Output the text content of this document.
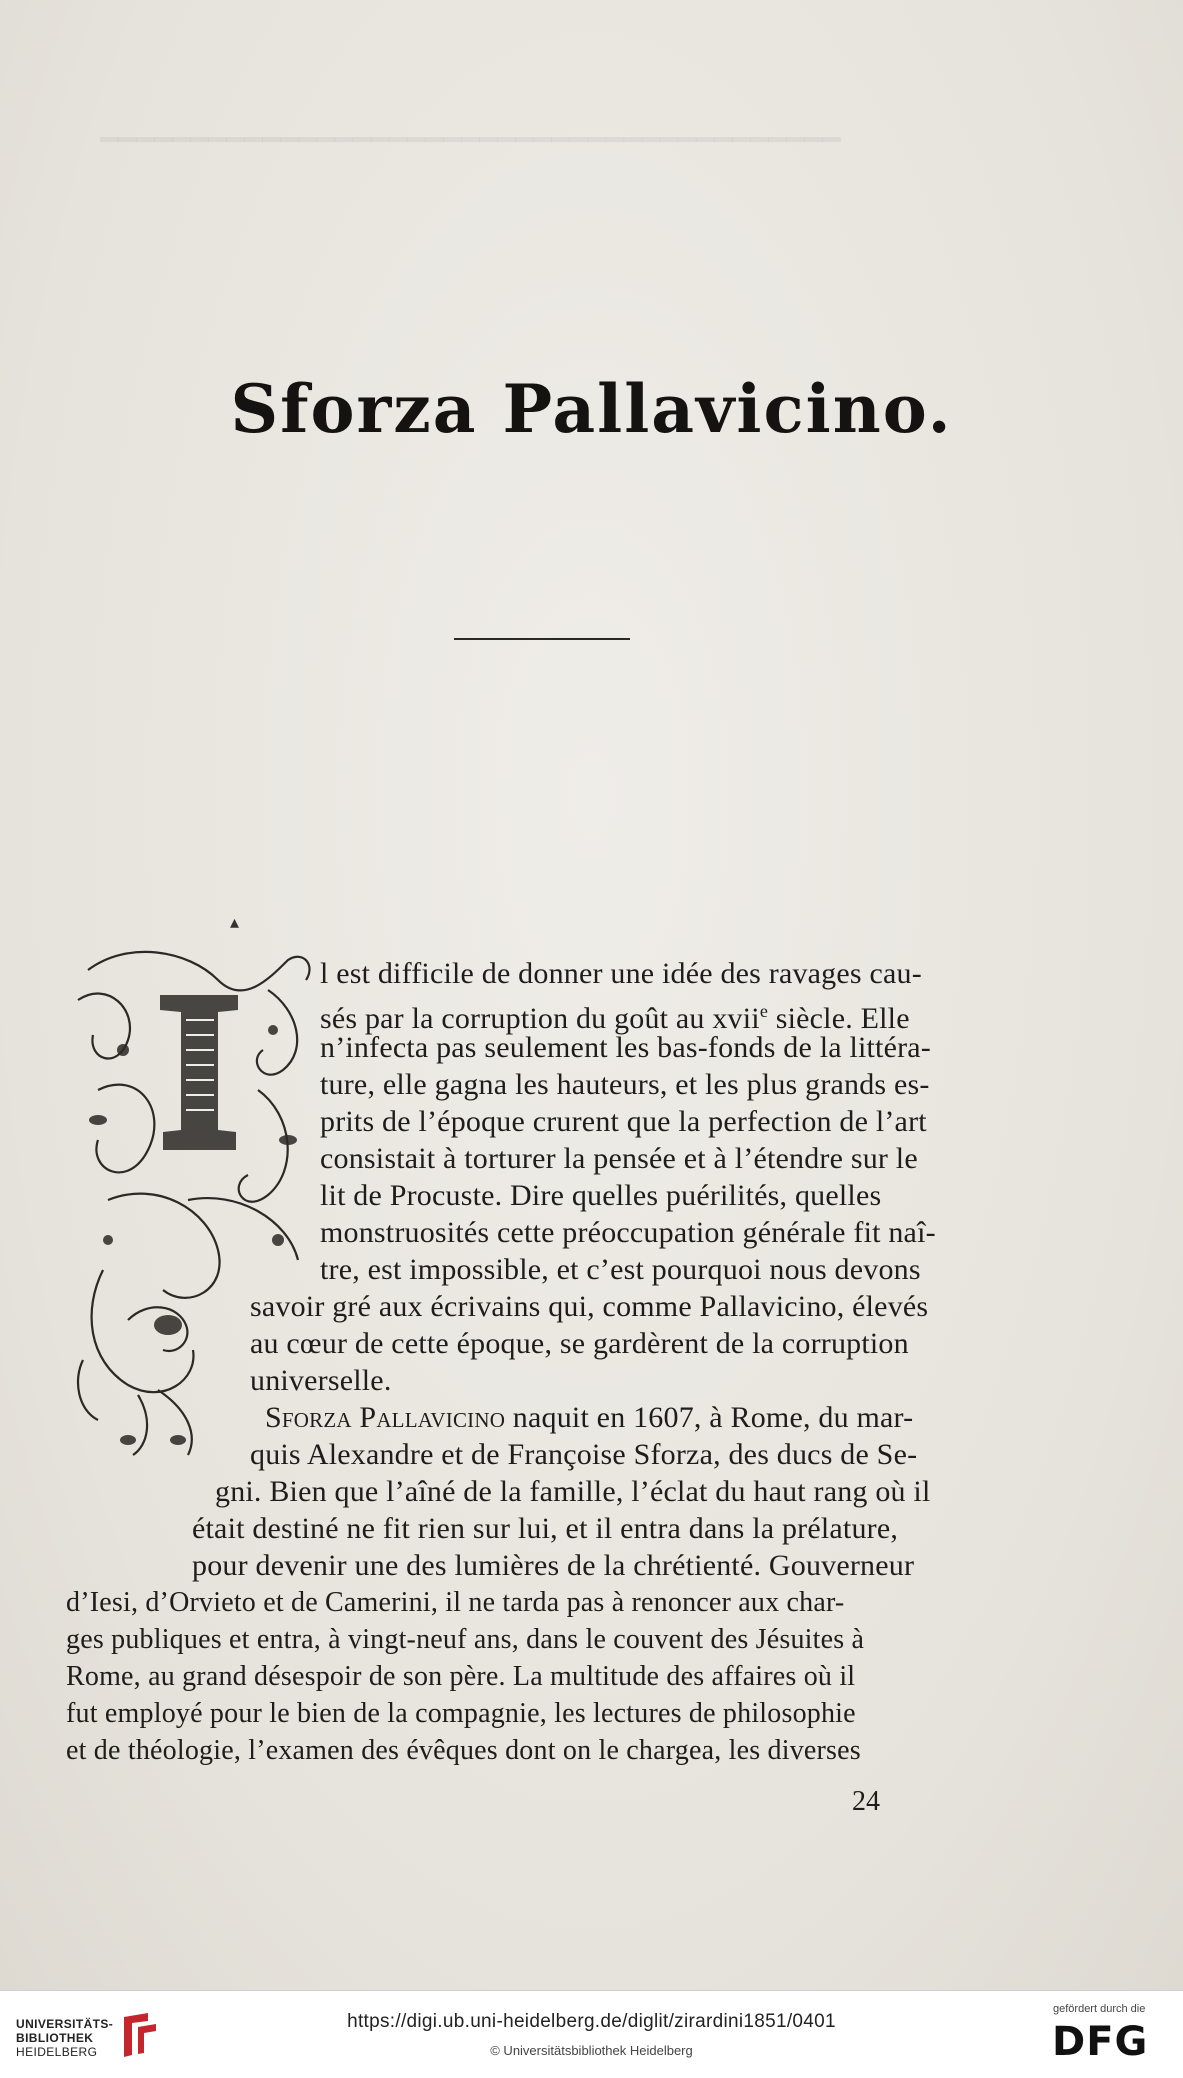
━━━━━━━━━━━━━━━━━━━━━━━━━━━━━━━━━━━━━━━━━
Sforza Pallavicino.
▴
l est difficile de donner une idée des ravages cau-
sés par la corruption du goût au xvii$^e$ siècle. Elle
n’infecta pas seulement les bas-fonds de la littéra-
ture, elle gagna les hauteurs, et les plus grands es-
prits de l’époque crurent que la perfection de l’art
consistait à torturer la pensée et à l’étendre sur le
lit de Procuste. Dire quelles puérilités, quelles
monstruosités cette préoccupation générale fit naî-
tre, est impossible, et c’est pourquoi nous devons
savoir gré aux écrivains qui, comme Pallavicino, élevés
au cœur de cette époque, se gardèrent de la corruption
universelle.
Sforza Pallavicino naquit en 1607, à Rome, du mar-
quis Alexandre et de Françoise Sforza, des ducs de Se-
gni. Bien que l’aîné de la famille, l’éclat du haut rang où il
était destiné ne fit rien sur lui, et il entra dans la prélature,
pour devenir une des lumières de la chrétienté. Gouverneur
d’Iesi, d’Orvieto et de Camerini, il ne tarda pas à renoncer aux char-
ges publiques et entra, à vingt-neuf ans, dans le couvent des Jésuites à
Rome, au grand désespoir de son père. La multitude des affaires où il
fut employé pour le bien de la compagnie, les lectures de philosophie
et de théologie, l’examen des évêques dont on le chargea, les diverses
24
UNIVERSITÄTS-
BIBLIOTHEK
HEIDELBERG
https://digi.ub.uni-heidelberg.de/diglit/zirardini1851/0401
© Universitätsbibliothek Heidelberg
gefördert durch die
DFG
